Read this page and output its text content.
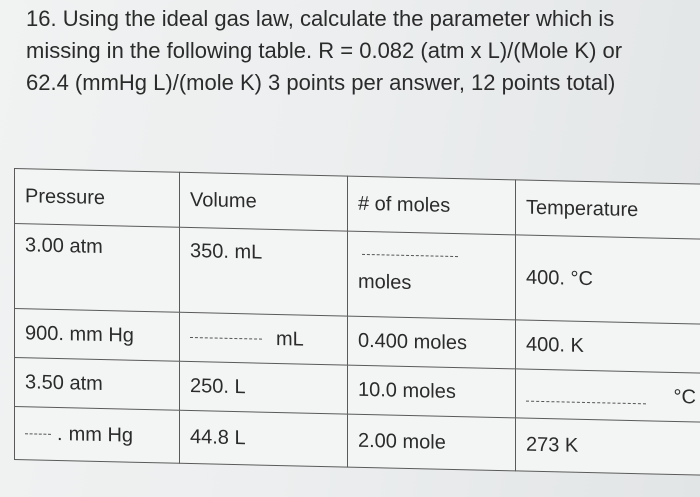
16. Using the ideal gas law, calculate the parameter which is
missing in the following table. R = 0.082 (atm x L)/(Mole K) or
62.4 (mmHg L)/(mole K) 3 points per answer, 12 points total)
Pressure	Volume	# of moles	Temperature
3.00 atm	350. mL	moles	400. °C
900. mm Hg	mL	0.400 moles	400. K
3.50 atm	250. L	10.0 moles	°C

. mm Hg	44.8 L	2.00 mole	273 K
